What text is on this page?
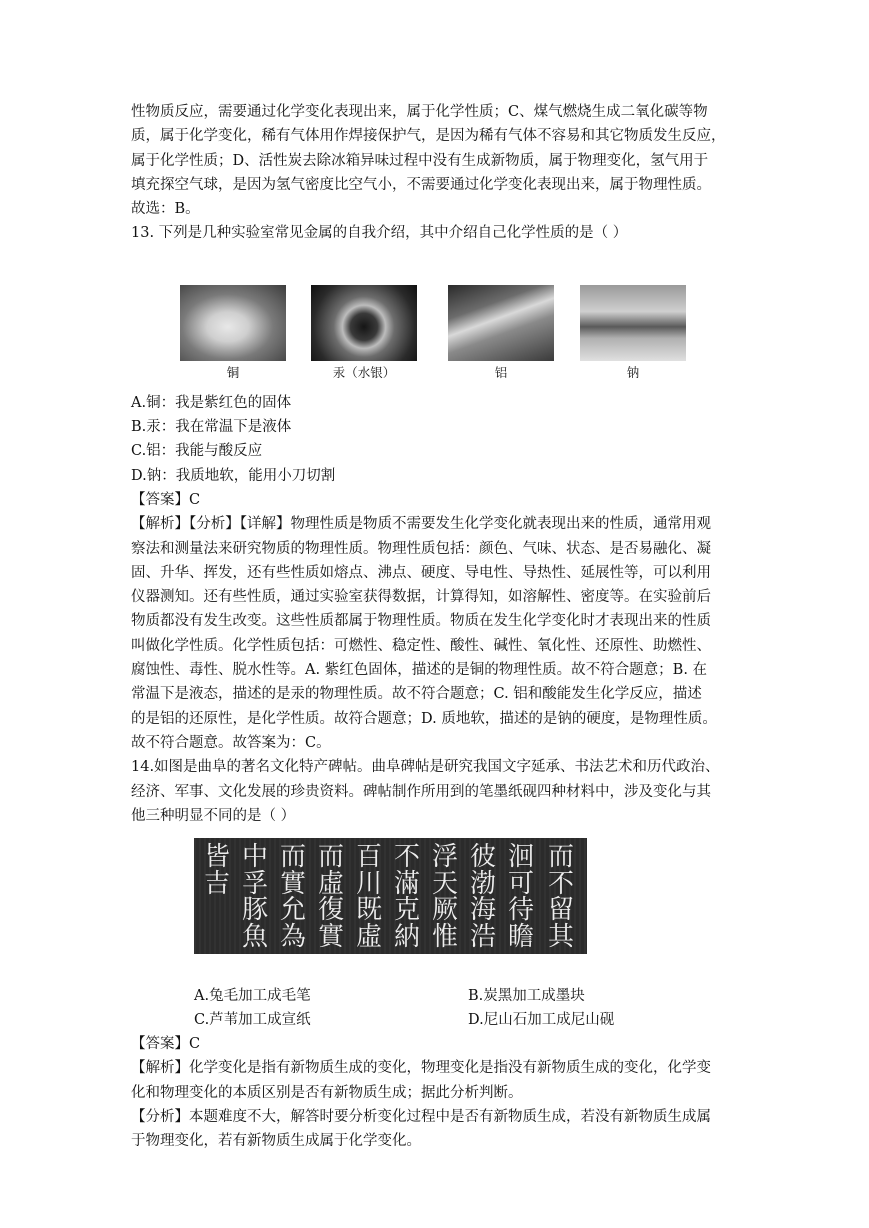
性物质反应，需要通过化学变化表现出来，属于化学性质；C、煤气燃烧生成二氧化碳等物

质，属于化学变化，稀有气体用作焊接保护气，是因为稀有气体不容易和其它物质发生反应，

属于化学性质；D、活性炭去除冰箱异味过程中没有生成新物质，属于物理变化，氢气用于

填充探空气球，是因为氢气密度比空气小，不需要通过化学变化表现出来，属于物理性质。

故选：B。

13. 下列是几种实验室常见金属的自我介绍，其中介绍自己化学性质的是（ ）

铜	汞（水银）	铝	钠

A.铜：我是紫红色的固体

B.汞：我在常温下是液体

C.铝：我能与酸反应

D.钠：我质地软，能用小刀切割

【答案】C

【解析】【分析】【详解】物理性质是物质不需要发生化学变化就表现出来的性质，通常用观

察法和测量法来研究物质的物理性质。物理性质包括：颜色、气味、状态、是否易融化、凝

固、升华、挥发，还有些性质如熔点、沸点、硬度、导电性、导热性、延展性等，可以利用

仪器测知。还有些性质，通过实验室获得数据，计算得知，如溶解性、密度等。在实验前后

物质都没有发生改变。这些性质都属于物理性质。物质在发生化学变化时才表现出来的性质

叫做化学性质。化学性质包括：可燃性、稳定性、酸性、碱性、氧化性、还原性、助燃性、

腐蚀性、毒性、脱水性等。A. 紫红色固体，描述的是铜的物理性质。故不符合题意；B. 在

常温下是液态，描述的是汞的物理性质。故不符合题意；C. 铝和酸能发生化学反应，描述

的是铝的还原性，是化学性质。故符合题意；D. 质地软，描述的是钠的硬度，是物理性质。

故不符合题意。故答案为：C。

14.如图是曲阜的著名文化特产碑帖。曲阜碑帖是研究我国文字延承、书法艺术和历代政治、

经济、军事、文化发展的珍贵资料。碑帖制作所用到的笔墨纸砚四种材料中，涉及变化与其

他三种明显不同的是（ ）

皆
吉
中
孚
豚
魚
而
實
允
為
而
虛
復
實
百
川
既
虛
不
滿
克
納
浮
天
厥
惟
彼
渤
海
浩
洄
可
待
瞻
而
不
留
其
A.兔毛加工成毛笔	B.炭黑加工成墨块
C.芦苇加工成宣纸	D.尼山石加工成尼山砚

【答案】C

【解析】化学变化是指有新物质生成的变化，物理变化是指没有新物质生成的变化，化学变

化和物理变化的本质区别是否有新物质生成；据此分析判断。

【分析】本题难度不大，解答时要分析变化过程中是否有新物质生成，若没有新物质生成属

于物理变化，若有新物质生成属于化学变化。
